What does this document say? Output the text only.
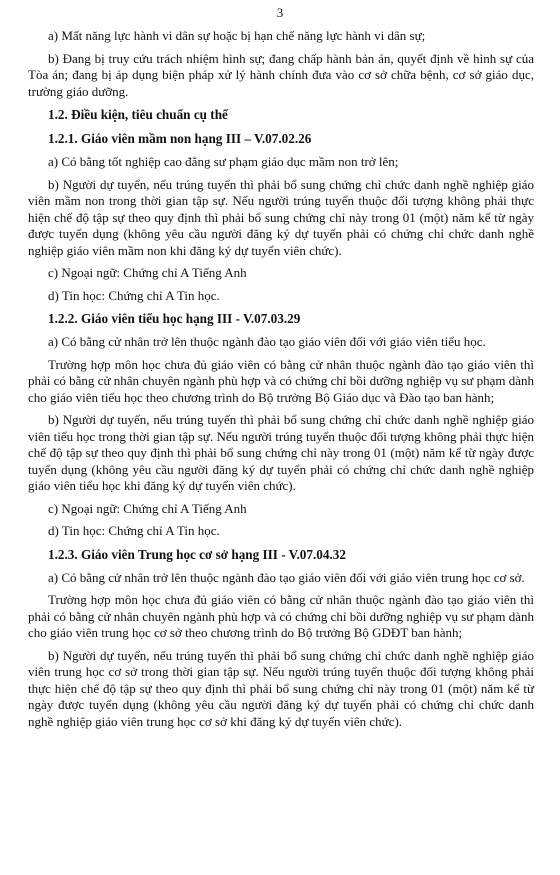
3

a) Mất năng lực hành vi dân sự hoặc bị hạn chế năng lực hành vi dân sự;

b) Đang bị truy cứu trách nhiệm hình sự; đang chấp hành bản án, quyết định về hình sự của Tòa án; đang bị áp dụng biện pháp xử lý hành chính đưa vào cơ sở chữa bệnh, cơ sở giáo dục, trường giáo dưỡng.

1.2. Điều kiện, tiêu chuẩn cụ thể

1.2.1. Giáo viên mầm non hạng III – V.07.02.26

a) Có bằng tốt nghiệp cao đẳng sư phạm giáo dục mầm non trở lên;

b) Người dự tuyển, nếu trúng tuyển thì phải bổ sung chứng chỉ chức danh nghề nghiệp giáo viên mầm non trong thời gian tập sự. Nếu người trúng tuyển thuộc đối tượng không phải thực hiện chế độ tập sự theo quy định thì phải bổ sung chứng chỉ này trong 01 (một) năm kể từ ngày được tuyển dụng (không yêu cầu người đăng ký dự tuyển phải có chứng chỉ chức danh nghề nghiệp giáo viên mầm non khi đăng ký dự tuyển viên chức).

c) Ngoại ngữ: Chứng chỉ A Tiếng Anh

d) Tin học: Chứng chỉ A Tin học.

1.2.2. Giáo viên tiểu học hạng III - V.07.03.29

a) Có bằng cử nhân trở lên thuộc ngành đào tạo giáo viên đối với giáo viên tiểu học.

Trường hợp môn học chưa đủ giáo viên có bằng cử nhân thuộc ngành đào tạo giáo viên thì phải có bằng cử nhân chuyên ngành phù hợp và có chứng chỉ bồi dưỡng nghiệp vụ sư phạm dành cho giáo viên tiểu học theo chương trình do Bộ trưởng Bộ Giáo dục và Đào tạo ban hành;

b) Người dự tuyển, nếu trúng tuyển thì phải bổ sung chứng chỉ chức danh nghề nghiệp giáo viên tiểu học trong thời gian tập sự. Nếu người trúng tuyển thuộc đối tượng không phải thực hiện chế độ tập sự theo quy định thì phải bổ sung chứng chỉ này trong 01 (một) năm kể từ ngày được tuyển dụng (không yêu cầu người đăng ký dự tuyển phải có chứng chỉ chức danh nghề nghiệp giáo viên tiểu học khi đăng ký dự tuyển viên chức).

c) Ngoại ngữ: Chứng chỉ A Tiếng Anh

d) Tin học: Chứng chỉ A Tin học.

1.2.3. Giáo viên Trung học cơ sở hạng III - V.07.04.32

a) Có bằng cử nhân trở lên thuộc ngành đào tạo giáo viên đối với giáo viên trung học cơ sở.

Trường hợp môn học chưa đủ giáo viên có bằng cử nhân thuộc ngành đào tạo giáo viên thì phải có bằng cử nhân chuyên ngành phù hợp và có chứng chỉ bồi dưỡng nghiệp vụ sư phạm dành cho giáo viên trung học cơ sở theo chương trình do Bộ trưởng Bộ GDĐT ban hành;

b) Người dự tuyển, nếu trúng tuyển thì phải bổ sung chứng chỉ chức danh nghề nghiệp giáo viên trung học cơ sở trong thời gian tập sự. Nếu người trúng tuyển thuộc đối tượng không phải thực hiện chế độ tập sự theo quy định thì phải bổ sung chứng chỉ này trong 01 (một) năm kể từ ngày được tuyển dụng (không yêu cầu người đăng ký dự tuyển phải có chứng chỉ chức danh nghề nghiệp giáo viên trung học cơ sở khi đăng ký dự tuyển viên chức).
